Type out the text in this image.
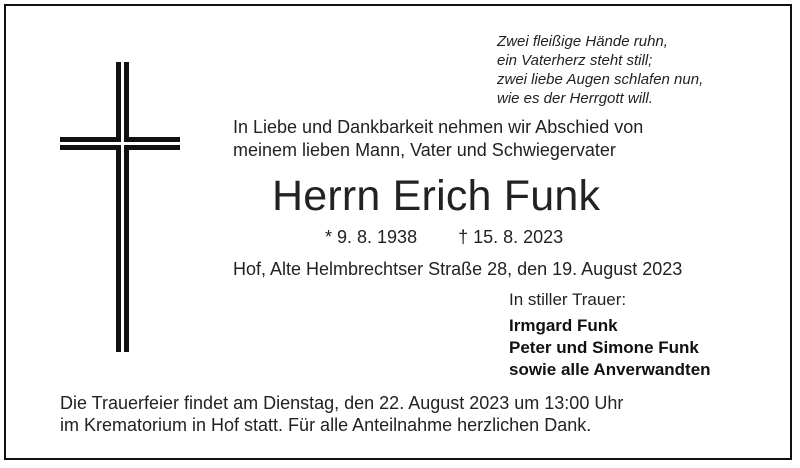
Zwei fleißige Hände ruhn,
ein Vaterherz steht still;
zwei liebe Augen schlafen nun,
wie es der Herrgott will.
In Liebe und Dankbarkeit nehmen wir Abschied von
meinem lieben Mann, Vater und Schwiegervater
Herrn Erich Funk
* 9. 8. 1938 † 15. 8. 2023
Hof, Alte Helmbrechtser Straße 28, den 19. August 2023
In stiller Trauer:
Irmgard Funk
Peter und Simone Funk
sowie alle Anverwandten
Die Trauerfeier findet am Dienstag, den 22. August 2023 um 13:00 Uhr
im Krematorium in Hof statt. Für alle Anteilnahme herzlichen Dank.
